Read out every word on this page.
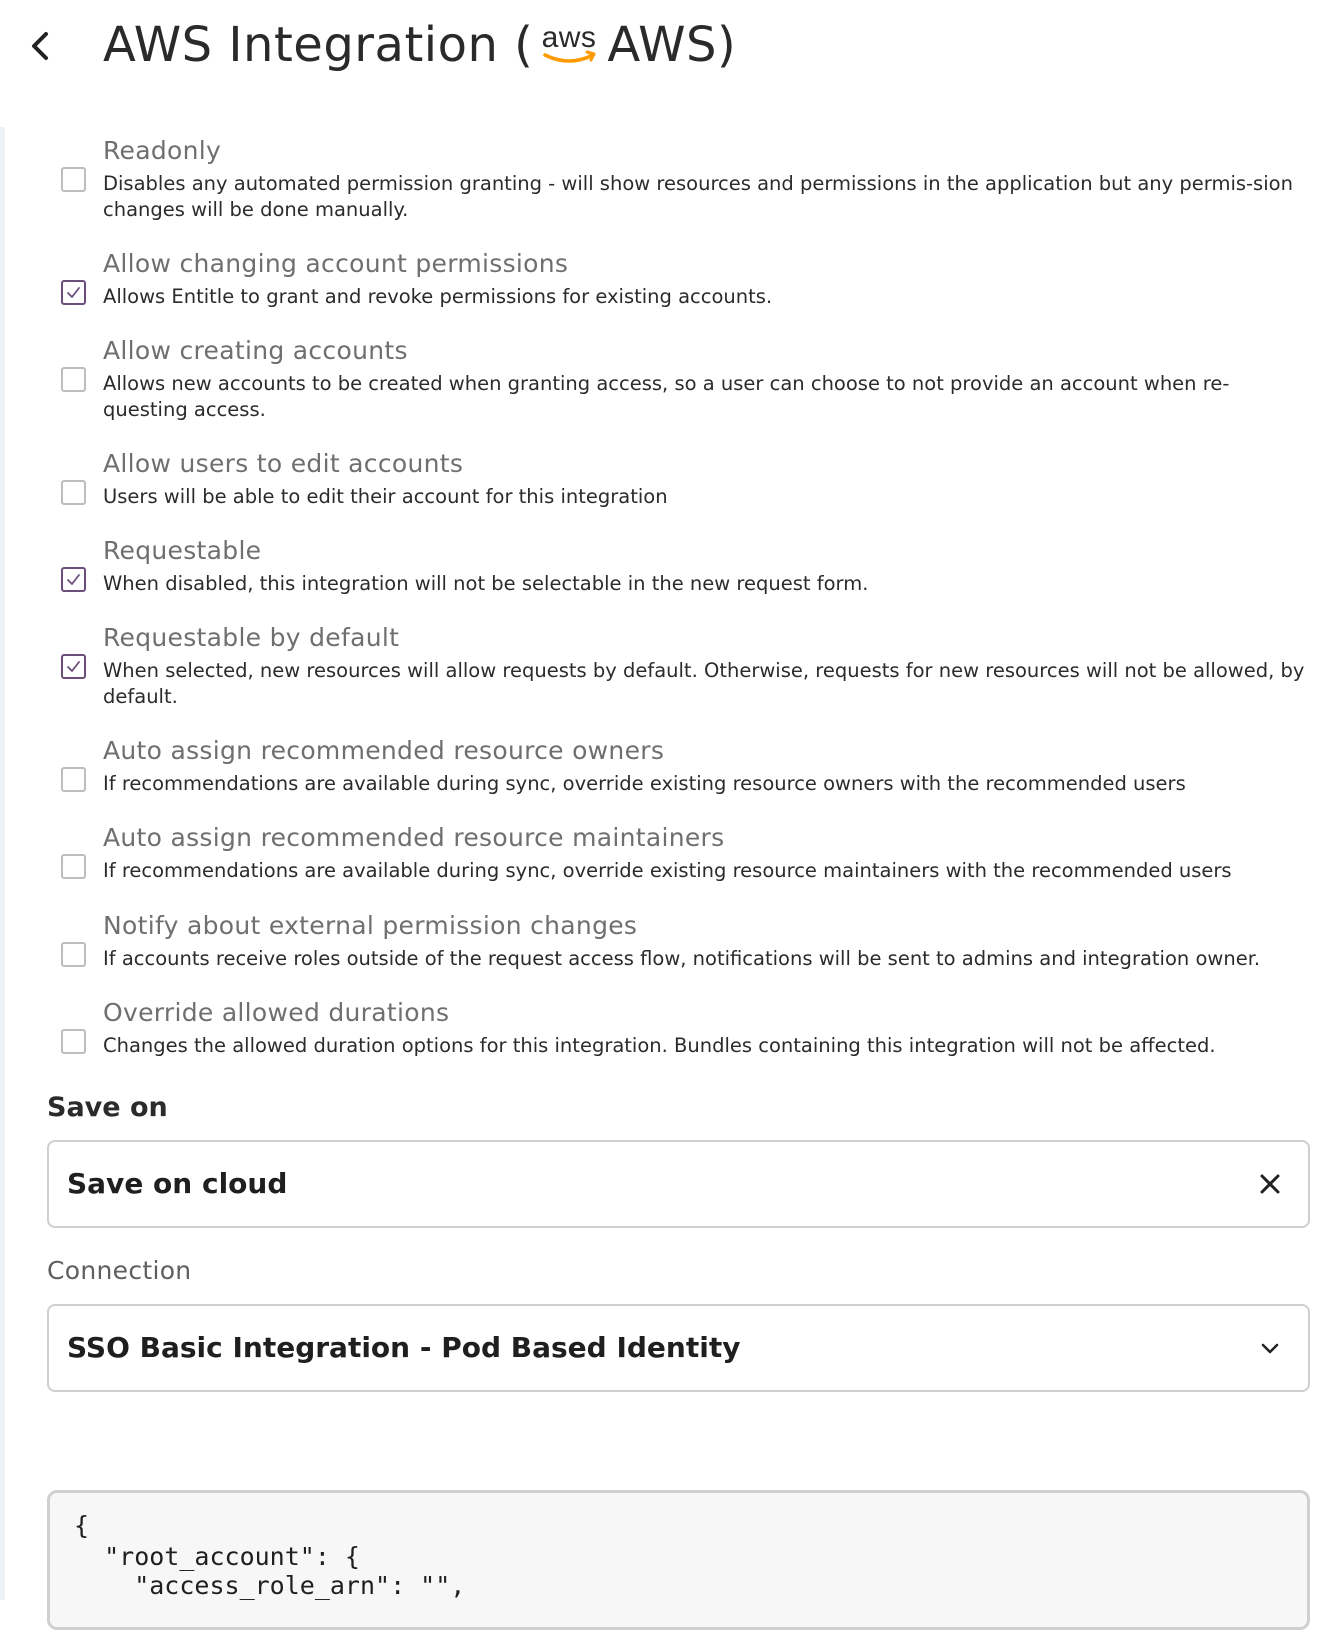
AWS Integration ( aws AWS)
Readonly
Disables any automated permission granting - will show resources and permissions in the application but any permis-sion changes will be done manually.
Allow changing account permissions
Allows Entitle to grant and revoke permissions for existing accounts.
Allow creating accounts
Allows new accounts to be created when granting access, so a user can choose to not provide an account when re-questing access.
Allow users to edit accounts
Users will be able to edit their account for this integration
Requestable
When disabled, this integration will not be selectable in the new request form.
Requestable by default
When selected, new resources will allow requests by default. Otherwise, requests for new resources will not be allowed, by default.
Auto assign recommended resource owners
If recommendations are available during sync, override existing resource owners with the recommended users
Auto assign recommended resource maintainers
If recommendations are available during sync, override existing resource maintainers with the recommended users
Notify about external permission changes
If accounts receive roles outside of the request access flow, notifications will be sent to admins and integration owner.
Override allowed durations
Changes the allowed duration options for this integration. Bundles containing this integration will not be affected.
Save on
Save on cloud
Connection
SSO Basic Integration - Pod Based Identity
{
"root_account": {
"access_role_arn": "",
